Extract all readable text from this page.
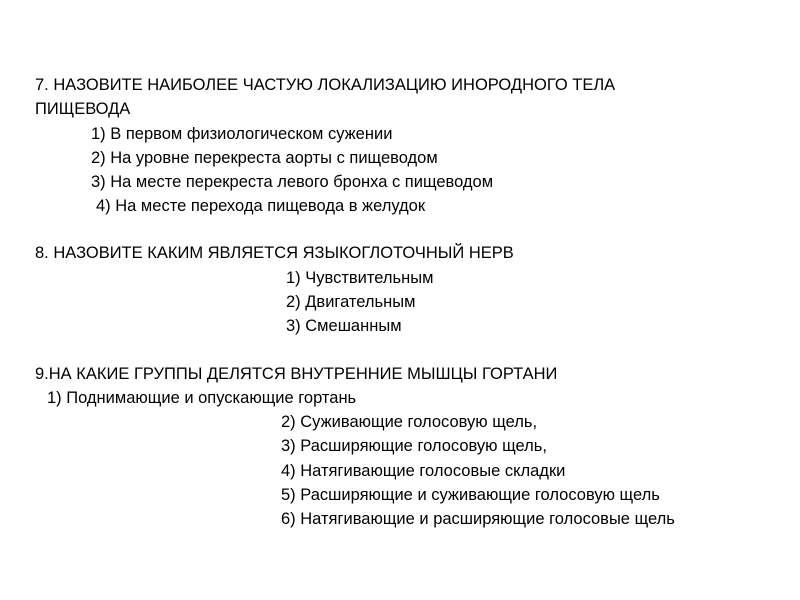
7. НАЗОВИТЕ НАИБОЛЕЕ ЧАСТУЮ ЛОКАЛИЗАЦИЮ ИНОРОДНОГО ТЕЛА
ПИЩЕВОДА
1) В первом физиологическом сужении
2) На уровне перекреста аорты с пищеводом
3) На месте перекреста левого бронха с пищеводом
4) На месте перехода пищевода в желудок
8. НАЗОВИТЕ КАКИМ ЯВЛЯЕТСЯ ЯЗЫКОГЛОТОЧНЫЙ НЕРВ
1) Чувствительным
2) Двигательным
3) Смешанным
9.НА КАКИЕ ГРУППЫ ДЕЛЯТСЯ ВНУТРЕННИЕ МЫШЦЫ ГОРТАНИ
1) Поднимающие и опускающие гортань
2) Суживающие голосовую щель,
3) Расширяющие голосовую щель,
4) Натягивающие голосовые складки
5) Расширяющие и суживающие голосовую щель
6) Натягивающие и расширяющие голосовые щель
